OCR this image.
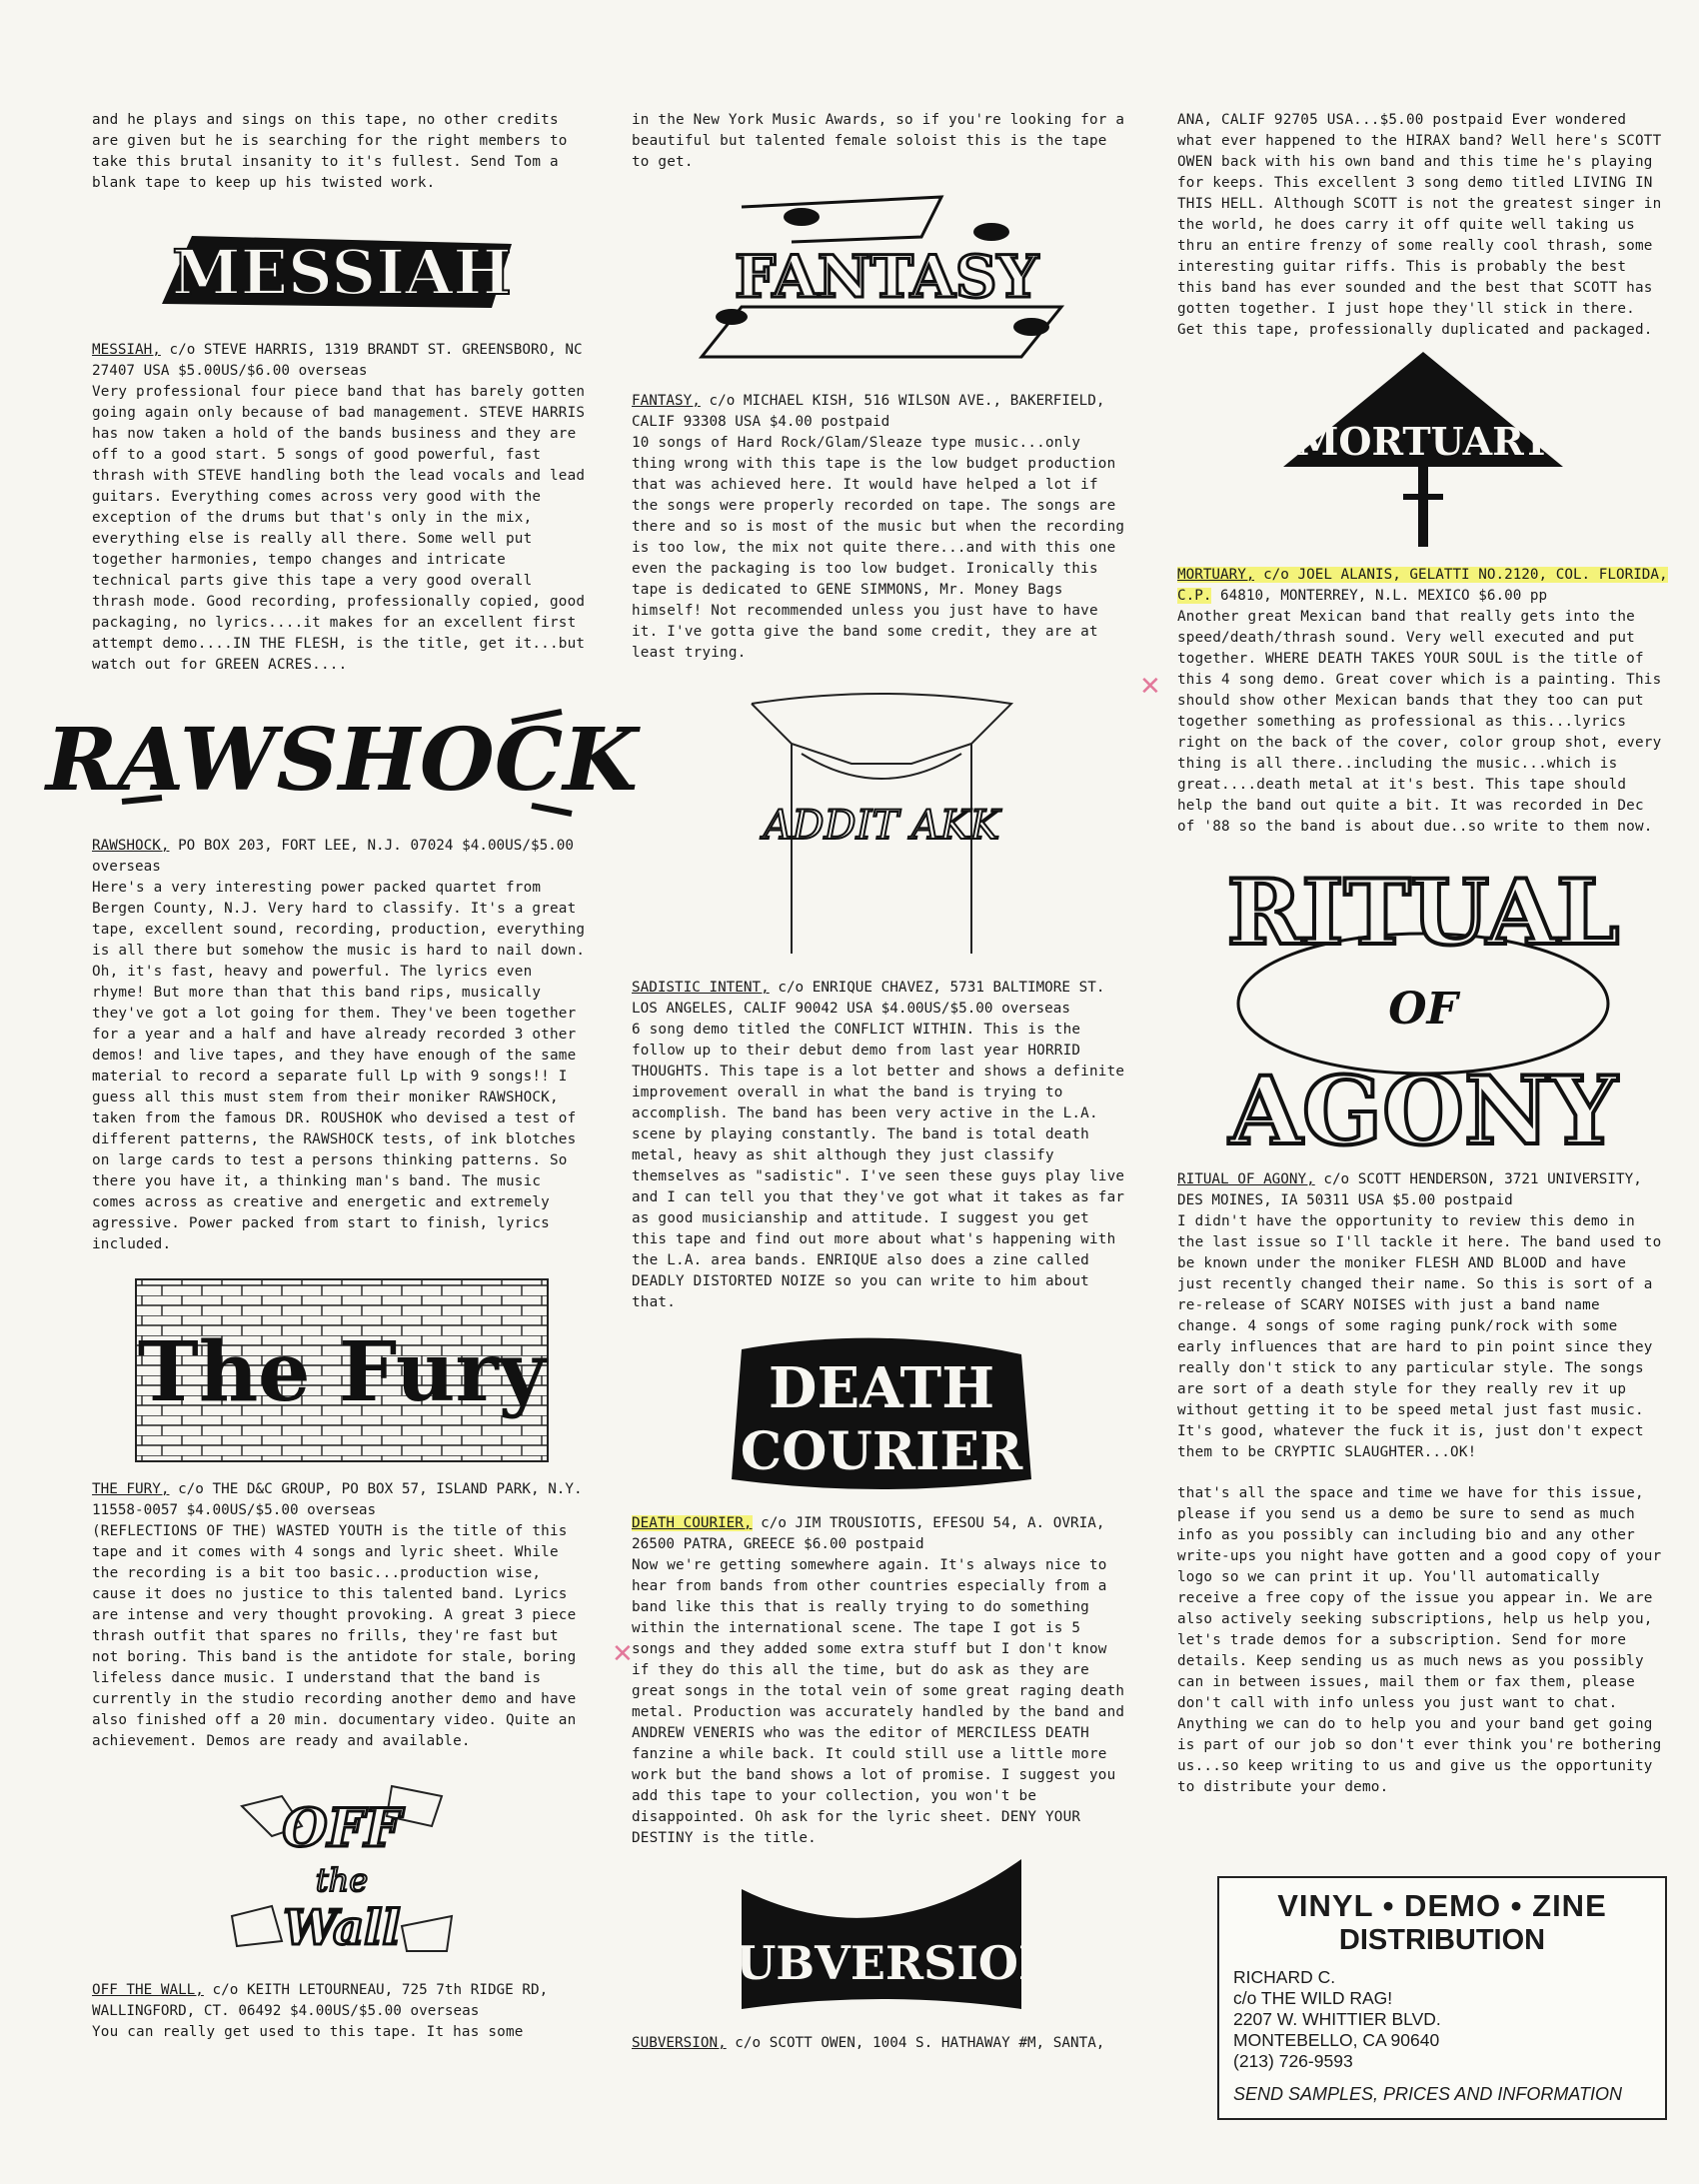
and he plays and sings on this tape, no other credits are given but he is searching for the right members to take this brutal insanity to it's fullest. Send Tom a blank tape to keep up his twisted work.

MESSIAH

MESSIAH, c/o STEVE HARRIS, 1319 BRANDT ST. GREENSBORO, NC 27407 USA $5.00US/$6.00 overseas

Very professional four piece band that has barely gotten going again only because of bad management. STEVE HARRIS has now taken a hold of the bands business and they are off to a good start. 5 songs of good powerful, fast thrash with STEVE handling both the lead vocals and lead guitars. Everything comes across very good with the exception of the drums but that's only in the mix, everything else is really all there. Some well put together harmonies, tempo changes and intricate technical parts give this tape a very good overall thrash mode. Good recording, professionally copied, good packaging, no lyrics....it makes for an excellent first attempt demo....IN THE FLESH, is the title, get it...but watch out for GREEN ACRES....

RAWSHOCK

RAWSHOCK, PO BOX 203, FORT LEE, N.J. 07024 $4.00US/$5.00 overseas

Here's a very interesting power packed quartet from Bergen County, N.J. Very hard to classify. It's a great tape, excellent sound, recording, production, everything is all there but somehow the music is hard to nail down. Oh, it's fast, heavy and powerful. The lyrics even rhyme! But more than that this band rips, musically they've got a lot going for them. They've been together for a year and a half and have already recorded 3 other demos! and live tapes, and they have enough of the same material to record a separate full Lp with 9 songs!! I guess all this must stem from their moniker RAWSHOCK, taken from the famous DR. ROUSHOK who devised a test of different patterns, the RAWSHOCK tests, of ink blotches on large cards to test a persons thinking patterns. So there you have it, a thinking man's band. The music comes across as creative and energetic and extremely agressive. Power packed from start to finish, lyrics included.

The Fury

THE FURY, c/o THE D&C GROUP, PO BOX 57, ISLAND PARK, N.Y. 11558-0057 $4.00US/$5.00 overseas

(REFLECTIONS OF THE) WASTED YOUTH is the title of this tape and it comes with 4 songs and lyric sheet. While the recording is a bit too basic...production wise, cause it does no justice to this talented band. Lyrics are intense and very thought provoking. A great 3 piece thrash outfit that spares no frills, they're fast but not boring. This band is the antidote for stale, boring lifeless dance music. I understand that the band is currently in the studio recording another demo and have also finished off a 20 min. documentary video. Quite an achievement. Demos are ready and available.

OFF
the
Wall

OFF THE WALL, c/o KEITH LETOURNEAU, 725 7th RIDGE RD, WALLINGFORD, CT. 06492 $4.00US/$5.00 overseas

You can really get used to this tape. It has some

in the New York Music Awards, so if you're looking for a beautiful but talented female soloist this is the tape to get.

FANTASY

FANTASY, c/o MICHAEL KISH, 516 WILSON AVE., BAKERFIELD, CALIF 93308 USA $4.00 postpaid

10 songs of Hard Rock/Glam/Sleaze type music...only thing wrong with this tape is the low budget production that was achieved here. It would have helped a lot if the songs were properly recorded on tape. The songs are there and so is most of the music but when the recording is too low, the mix not quite there...and with this one even the packaging is too low budget. Ironically this tape is dedicated to GENE SIMMONS, Mr. Money Bags himself! Not recommended unless you just have to have it. I've gotta give the band some credit, they are at least trying.

ADDIT AKK

SADISTIC INTENT, c/o ENRIQUE CHAVEZ, 5731 BALTIMORE ST. LOS ANGELES, CALIF 90042 USA $4.00US/$5.00 overseas

6 song demo titled the CONFLICT WITHIN. This is the follow up to their debut demo from last year HORRID THOUGHTS. This tape is a lot better and shows a definite improvement overall in what the band is trying to accomplish. The band has been very active in the L.A. scene by playing constantly. The band is total death metal, heavy as shit although they just classify themselves as "sadistic". I've seen these guys play live and I can tell you that they've got what it takes as far as good musicianship and attitude. I suggest you get this tape and find out more about what's happening with the L.A. area bands. ENRIQUE also does a zine called DEADLY DISTORTED NOIZE so you can write to him about that.

DEATH
COURIER

DEATH COURIER, c/o JIM TROUSIOTIS, EFESOU 54, A. OVRIA, 26500 PATRA, GREECE $6.00 postpaid

Now we're getting somewhere again. It's always nice to hear from bands from other countries especially from a band like this that is really trying to do something within the international scene. The tape I got is 5 songs and they added some extra stuff but I don't know if they do this all the time, but do ask as they are great songs in the total vein of some great raging death metal. Production was accurately handled by the band and ANDREW VENERIS who was the editor of MERCILESS DEATH fanzine a while back. It could still use a little more work but the band shows a lot of promise. I suggest you add this tape to your collection, you won't be disappointed. Oh ask for the lyric sheet. DENY YOUR DESTINY is the title.

SUBVERSION

SUBVERSION, c/o SCOTT OWEN, 1004 S. HATHAWAY #M, SANTA,

ANA, CALIF 92705 USA...$5.00 postpaid Ever wondered what ever happened to the HIRAX band? Well here's SCOTT OWEN back with his own band and this time he's playing for keeps. This excellent 3 song demo titled LIVING IN THIS HELL. Although SCOTT is not the greatest singer in the world, he does carry it off quite well taking us thru an entire frenzy of some really cool thrash, some interesting guitar riffs. This is probably the best this band has ever sounded and the best that SCOTT has gotten together. I just hope they'll stick in there. Get this tape, professionally duplicated and packaged.

MORTUARY

MORTUARY, c/o JOEL ALANIS, GELATTI NO.2120, COL. FLORIDA, C.P. 64810, MONTERREY, N.L. MEXICO $6.00 pp

Another great Mexican band that really gets into the speed/death/thrash sound. Very well executed and put together. WHERE DEATH TAKES YOUR SOUL is the title of this 4 song demo. Great cover which is a painting. This should show other Mexican bands that they too can put together something as professional as this...lyrics right on the back of the cover, color group shot, every thing is all there..including the music...which is great....death metal at it's best. This tape should help the band out quite a bit. It was recorded in Dec of '88 so the band is about due..so write to them now.

RITUAL
OF
AGONY

RITUAL OF AGONY, c/o SCOTT HENDERSON, 3721 UNIVERSITY, DES MOINES, IA 50311 USA $5.00 postpaid

I didn't have the opportunity to review this demo in the last issue so I'll tackle it here. The band used to be known under the moniker FLESH AND BLOOD and have just recently changed their name. So this is sort of a re-release of SCARY NOISES with just a band name change. 4 songs of some raging punk/rock with some early influences that are hard to pin point since they really don't stick to any particular style. The songs are sort of a death style for they really rev it up without getting it to be speed metal just fast music. It's good, whatever the fuck it is, just don't expect them to be CRYPTIC SLAUGHTER...OK!

that's all the space and time we have for this issue, please if you send us a demo be sure to send as much info as you possibly can including bio and any other write-ups you night have gotten and a good copy of your logo so we can print it up. You'll automatically receive a free copy of the issue you appear in. We are also actively seeking subscriptions, help us help you, let's trade demos for a subscription. Send for more details. Keep sending us as much news as you possibly can in between issues, mail them or fax them, please don't call with info unless you just want to chat. Anything we can do to help you and your band get going is part of our job so don't ever think you're bothering us...so keep writing to us and give us the opportunity to distribute your demo.

✕
✕
VINYL • DEMO • ZINE
DISTRIBUTION
RICHARD C.
c/o THE WILD RAG!
2207 W. WHITTIER BLVD.
MONTEBELLO, CA 90640
(213) 726-9593
SEND SAMPLES, PRICES AND INFORMATION
